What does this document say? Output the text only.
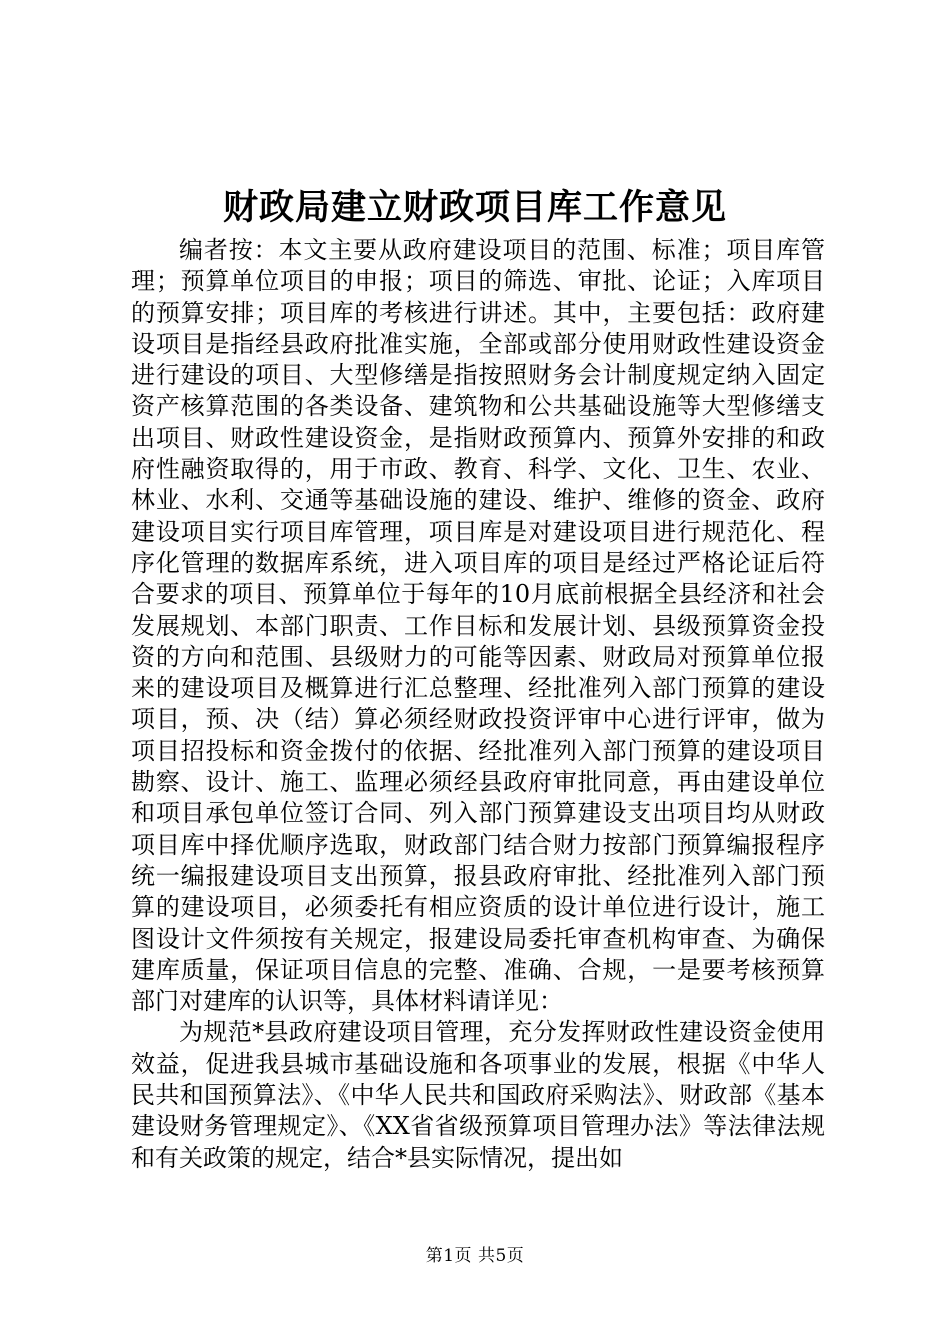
财政局建立财政项目库工作意见

编者按：本文主要从政府建设项目的范围、标准；项目库管理；预算单位项目的申报；项目的筛选、审批、论证；入库项目的预算安排；项目库的考核进行讲述。其中，主要包括：政府建设项目是指经县政府批准实施，全部或部分使用财政性建设资金进行建设的项目、大型修缮是指按照财务会计制度规定纳入固定资产核算范围的各类设备、建筑物和公共基础设施等大型修缮支出项目、财政性建设资金，是指财政预算内、预算外安排的和政府性融资取得的，用于市政、教育、科学、文化、卫生、农业、林业、水利、交通等基础设施的建设、维护、维修的资金、政府建设项目实行项目库管理，项目库是对建设项目进行规范化、程序化管理的数据库系统，进入项目库的项目是经过严格论证后符合要求的项目、预算单位于每年的10月底前根据全县经济和社会发展规划、本部门职责、工作目标和发展计划、县级预算资金投资的方向和范围、县级财力的可能等因素、财政局对预算单位报来的建设项目及概算进行汇总整理、经批准列入部门预算的建设项目，预、决（结）算必须经财政投资评审中心进行评审，做为项目招投标和资金拨付的依据、经批准列入部门预算的建设项目勘察、设计、施工、监理必须经县政府审批同意，再由建设单位和项目承包单位签订合同、列入部门预算建设支出项目均从财政项目库中择优顺序选取，财政部门结合财力按部门预算编报程序统一编报建设项目支出预算，报县政府审批、经批准列入部门预算的建设项目，必须委托有相应资质的设计单位进行设计，施工图设计文件须按有关规定，报建设局委托审查机构审查、为确保建库质量，保证项目信息的完整、准确、合规，一是要考核预算部门对建库的认识等，具体材料请详见：

为规范*县政府建设项目管理，充分发挥财政性建设资金使用效益，促进我县城市基础设施和各项事业的发展，根据《中华人民共和国预算法》、《中华人民共和国政府采购法》、财政部《基本建设财务管理规定》、《XX省省级预算项目管理办法》等法律法规和有关政策的规定，结合*县实际情况，提出如

第1页 共5页
